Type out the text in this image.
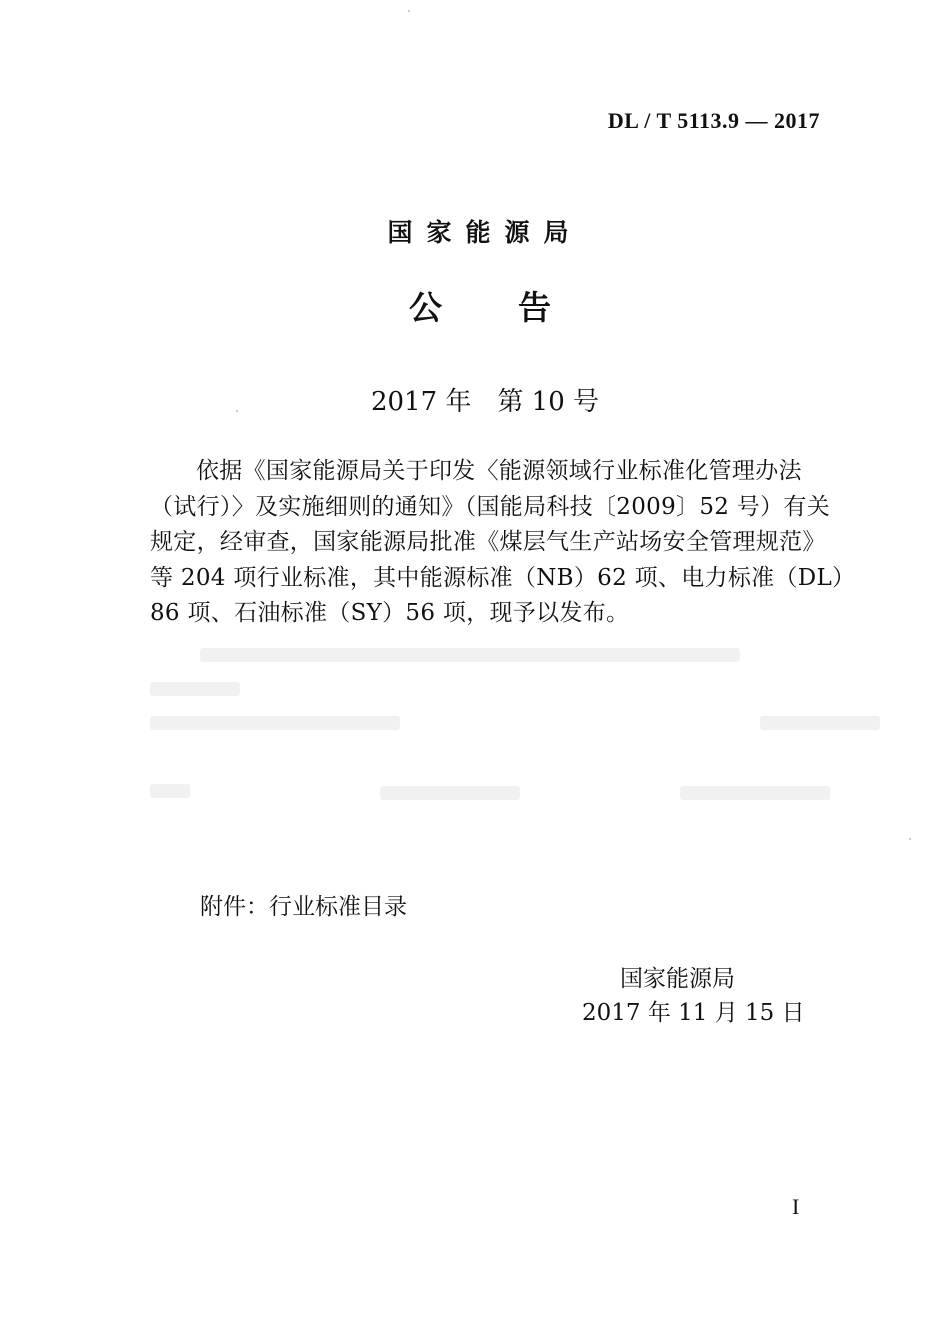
DL / T 5113.9 — 2017
国家能源局
公告
2017 年 第 10 号
依据《国家能源局关于印发〈能源领域行业标准化管理办法
（试行）〉及实施细则的通知》（国能局科技〔2009〕52 号）有关
规定，经审查，国家能源局批准《煤层气生产站场安全管理规范》
等 204 项行业标准，其中能源标准（NB）62 项、电力标准（DL）
86 项、石油标准（SY）56 项，现予以发布。
附件：行业标准目录
国家能源局
2017 年 11 月 15 日
I
